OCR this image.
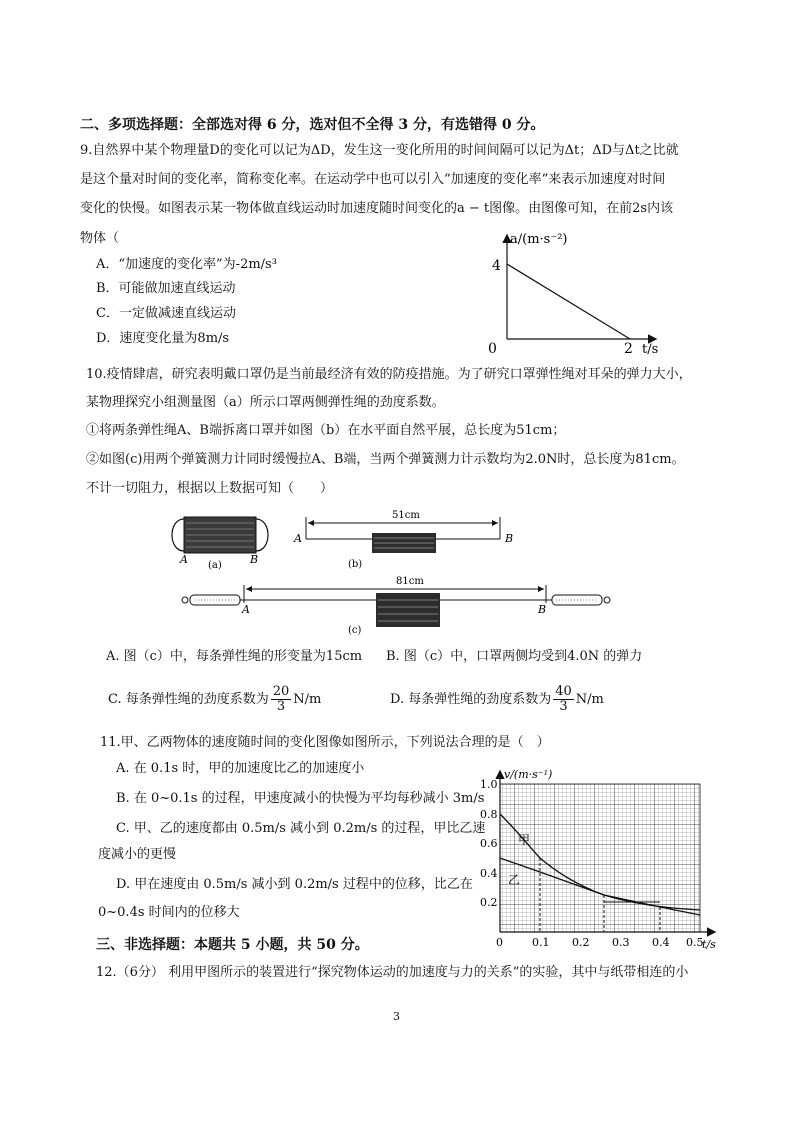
二、多项选择题：全部选对得 6 分，选对但不全得 3 分，有选错得 0 分。
9.自然界中某个物理量D的变化可以记为ΔD，发生这一变化所用的时间间隔可以记为Δt；ΔD与Δt之比就
是这个量对时间的变化率，简称变化率。在运动学中也可以引入“加速度的变化率”来表示加速度对时间
变化的快慢。如图表示某一物体做直线运动时加速度随时间变化的a − t图像。由图像可知，在前2s内该
物体（
A．“加速度的变化率”为-2m/s³
B．可能做加速直线运动
C．一定做减速直线运动
D．速度变化量为8m/s
a/(m·s⁻²)
4
0	2 t/s
10.疫情肆虐，研究表明戴口罩仍是当前最经济有效的防疫措施。为了研究口罩弹性绳对耳朵的弹力大小，
某物理探究小组测量图（a）所示口罩两侧弹性绳的劲度系数。
①将两条弹性绳A、B端拆离口罩并如图（b）在水平面自然平展，总长度为51cm；
②如图(c)用两个弹簧测力计同时缓慢拉A、B端，当两个弹簧测力计示数均为2.0N时，总长度为81cm。
不计一切阻力，根据以上数据可知（　　）
A	B
(a)
51cm
A	B
(b)
81cm
A	B
(c)
A. 图（c）中，每条弹性绳的形变量为15cm B. 图（c）中，口罩两侧均受到4.0N 的弹力
C. 每条弹性绳的劲度系数为 $\frac{20}{3} N/m$	D. 每条弹性绳的劲度系数为 $\frac{40}{3} N/m$
11.甲、乙两物体的速度随时间的变化图像如图所示，下列说法合理的是（　）
A. 在 0.1s 时，甲的加速度比乙的加速度小
B. 在 0~0.1s 的过程，甲速度减小的快慢为平均每秒减小 3m/s
C. 甲、乙的速度都由 0.5m/s 减小到 0.2m/s 的过程，甲比乙速
度减小的更慢
D. 甲在速度由 0.5m/s 减小到 0.2m/s 过程中的位移，比乙在
0~0.4s 时间内的位移大
甲
乙
v/(m·s⁻¹)
1.0
0.8
0.6
0.4
0.2
0	0.1 0.2 0.3 0.4 0.5
t/s
三、非选择题：本题共 5 小题，共 50 分。
12.（6分） 利用甲图所示的装置进行“探究物体运动的加速度与力的关系”的实验，其中与纸带相连的小
3
